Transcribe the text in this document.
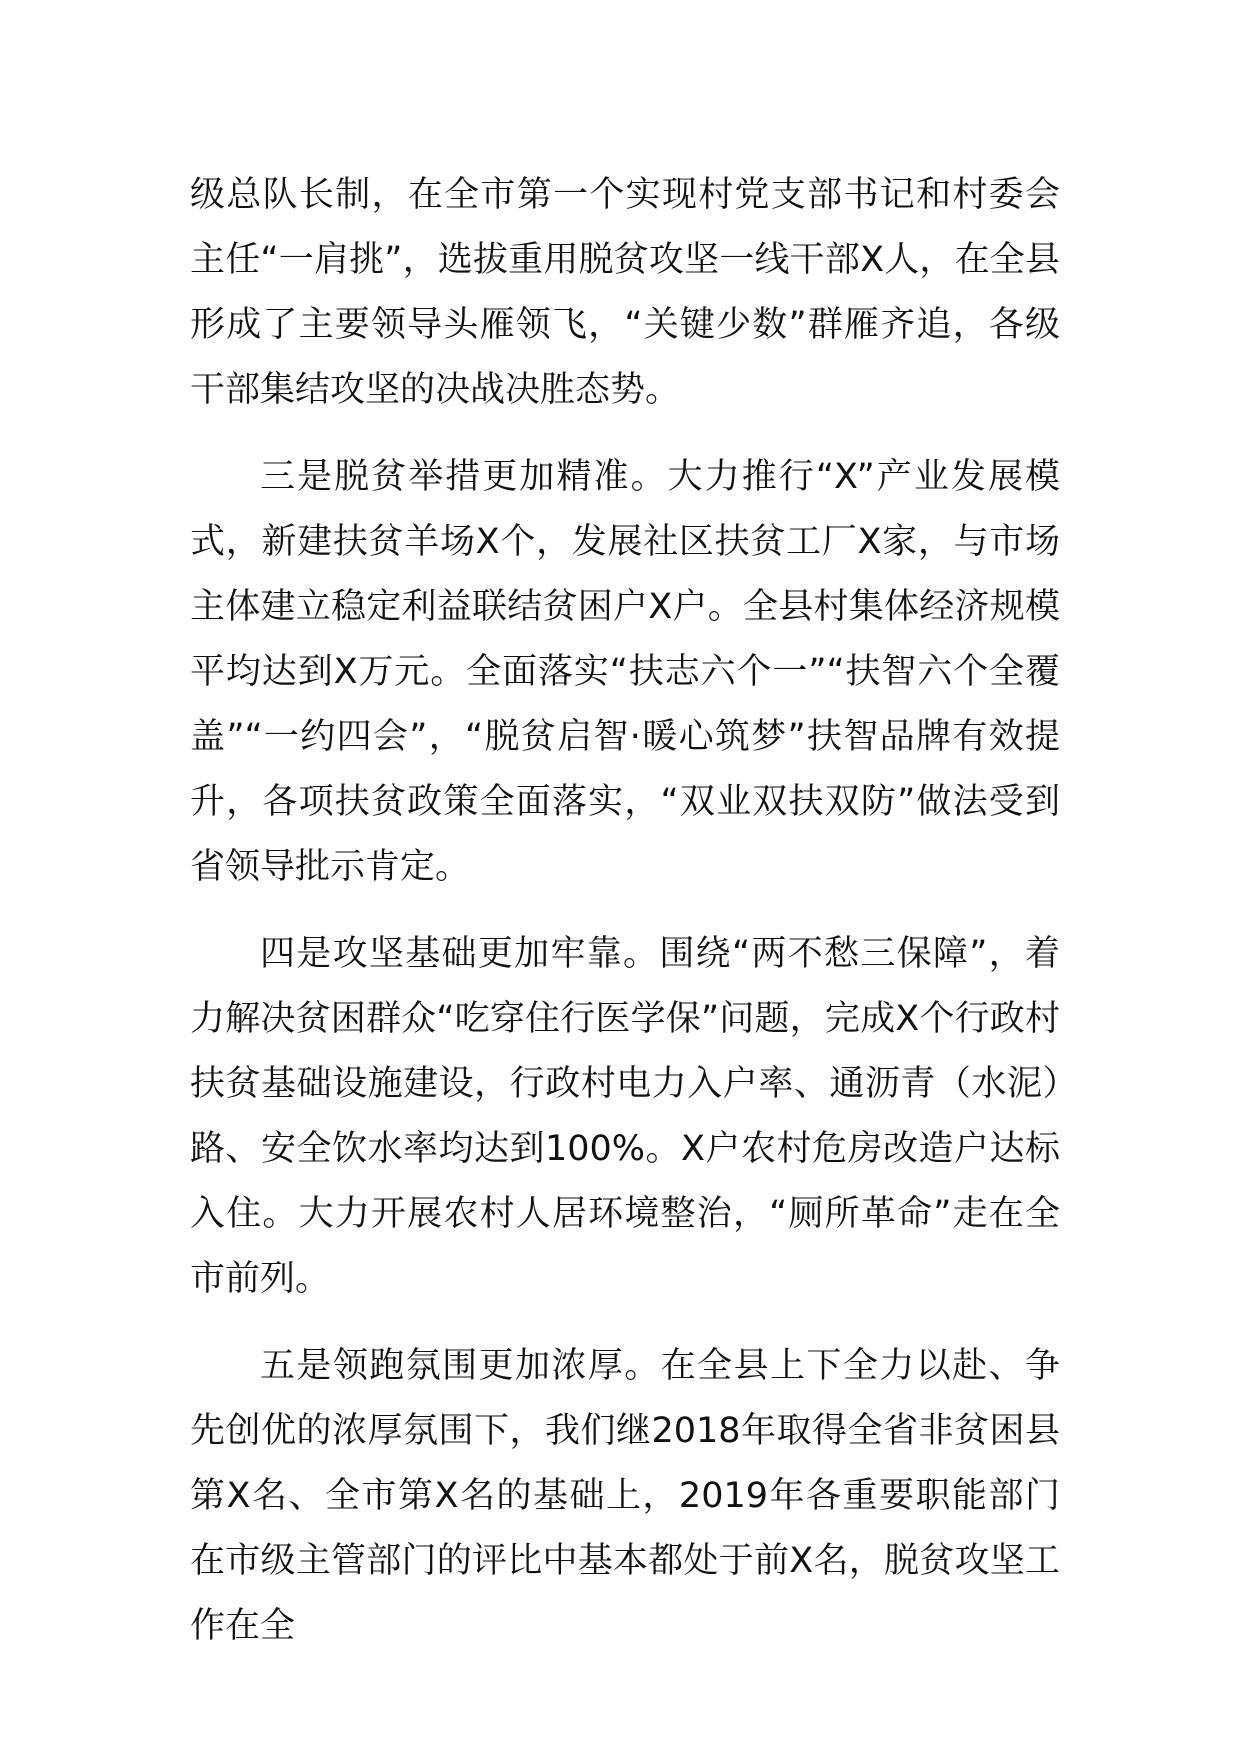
级总队长制，在全市第一个实现村党支部书记和村委会主任“一肩挑”，选拔重用脱贫攻坚一线干部X人，在全县形成了主要领导头雁领飞，“关键少数”群雁齐追，各级干部集结攻坚的决战决胜态势。

三是脱贫举措更加精准。大力推行“X”产业发展模式，新建扶贫羊场X个，发展社区扶贫工厂X家，与市场主体建立稳定利益联结贫困户X户。全县村集体经济规模平均达到X万元。全面落实“扶志六个一”“扶智六个全覆盖”“一约四会”，“脱贫启智·暖心筑梦”扶智品牌有效提升，各项扶贫政策全面落实，“双业双扶双防”做法受到省领导批示肯定。

四是攻坚基础更加牢靠。围绕“两不愁三保障”，着力解决贫困群众“吃穿住行医学保”问题，完成X个行政村扶贫基础设施建设，行政村电力入户率、通沥青（水泥）路、安全饮水率均达到100%。X户农村危房改造户达标入住。大力开展农村人居环境整治，“厕所革命”走在全市前列。

五是领跑氛围更加浓厚。在全县上下全力以赴、争先创优的浓厚氛围下，我们继2018年取得全省非贫困县第X名、全市第X名的基础上，2019年各重要职能部门在市级主管部门的评比中基本都处于前X名，脱贫攻坚工作在全
